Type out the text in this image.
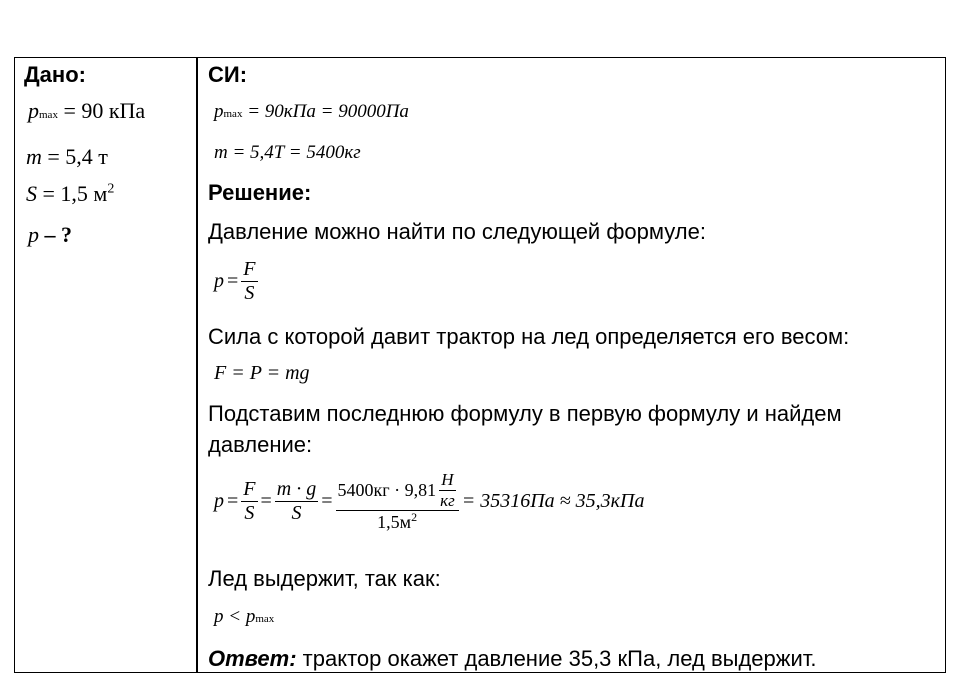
Дано:
pmax = 90 кПа
m = 5,4 т
S = 1,5 $м^2$
p – ?
СИ:
pmax = 90кПа = 90000Па
m = 5,4T = 5400кг
Решение:
Давление можно найти по следующей формуле:
$p = \frac{F}{S}$
Сила с которой давит трактор на лед определяется его весом:
F = P = mg
Подставим последнюю формулу в первую формулу и найдем
давление:
$p = \frac{F}{S} = \frac{m \cdot g}{S} = \frac{5400кг \cdot 9,81 \frac{Н}{кг}}{1,5м^2} = 35316Па \approx 35,3кПа$
Лед выдержит, так как:
p < pmax
Ответ: трактор окажет давление 35,3 кПа, лед выдержит.
